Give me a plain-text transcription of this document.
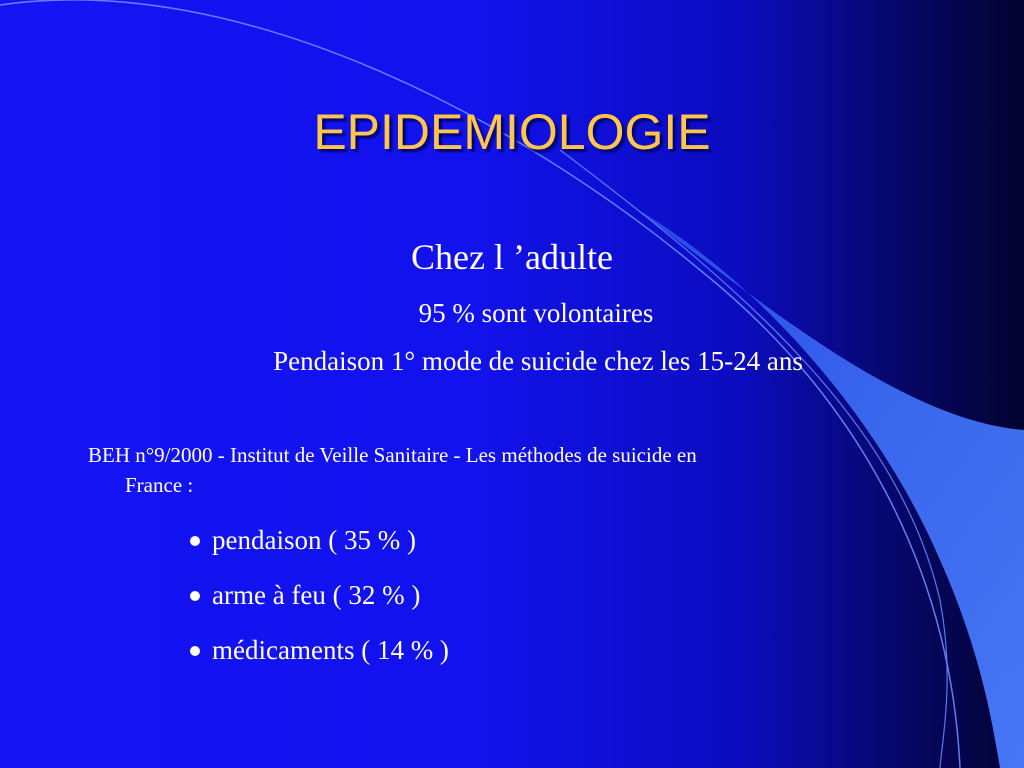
EPIDEMIOLOGIE
Chez l ’adulte
95 % sont volontaires
Pendaison 1° mode de suicide chez les 15-24 ans
BEH n°9/2000 - Institut de Veille Sanitaire - Les méthodes de suicide en
France :
pendaison ( 35 % )
arme à feu ( 32 % )
médicaments ( 14 % )
